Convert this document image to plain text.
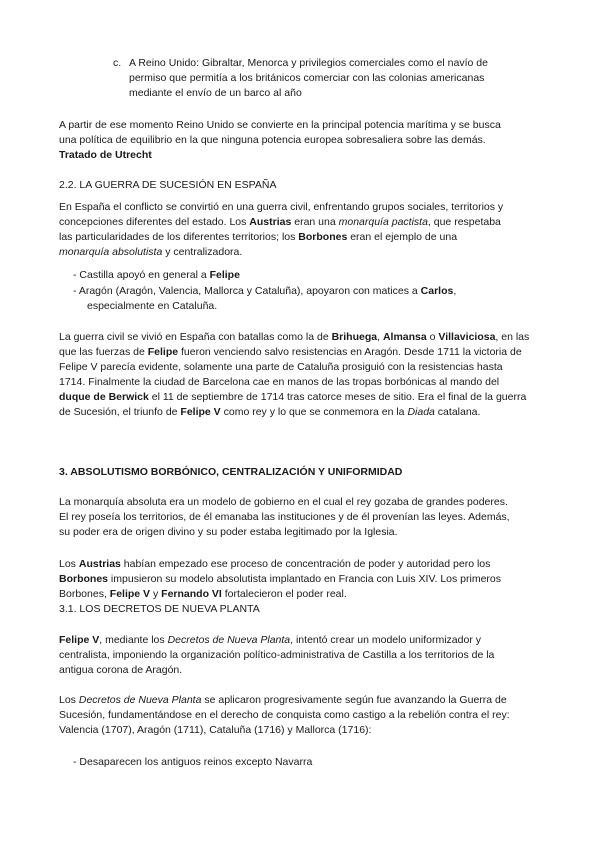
c. A Reino Unido: Gibraltar, Menorca y privilegios comerciales como el navío de
permiso que permitía a los británicos comerciar con las colonias americanas
mediante el envío de un barco al año
A partir de ese momento Reino Unido se convierte en la principal potencia marítima y se busca
una política de equilibrio en la que ninguna potencia europea sobresaliera sobre las demás.
Tratado de Utrecht
2.2. LA GUERRA DE SUCESIÓN EN ESPAÑA
En España el conflicto se convirtió en una guerra civil, enfrentando grupos sociales, territorios y
concepciones diferentes del estado. Los Austrias eran una monarquía pactista, que respetaba
las particularidades de los diferentes territorios; los Borbones eran el ejemplo de una
monarquía absolutista y centralizadora.
- Castilla apoyó en general a Felipe
- Aragón (Aragón, Valencia, Mallorca y Cataluña), apoyaron con matices a Carlos,
especialmente en Cataluña.
La guerra civil se vivió en España con batallas como la de Brihuega, Almansa o Villaviciosa, en las
que las fuerzas de Felipe fueron venciendo salvo resistencias en Aragón. Desde 1711 la victoria de
Felipe V parecía evidente, solamente una parte de Cataluña prosiguió con la resistencias hasta
1714. Finalmente la ciudad de Barcelona cae en manos de las tropas borbónicas al mando del
duque de Berwick el 11 de septiembre de 1714 tras catorce meses de sitio. Era el final de la guerra
de Sucesión, el triunfo de Felipe V como rey y lo que se conmemora en la Diada catalana.
3. ABSOLUTISMO BORBÓNICO, CENTRALIZACIÓN Y UNIFORMIDAD
La monarquía absoluta era un modelo de gobierno en el cual el rey gozaba de grandes poderes.
El rey poseía los territorios, de él emanaba las instituciones y de él provenían las leyes. Además,
su poder era de origen divino y su poder estaba legitimado por la Iglesia.
Los Austrias habían empezado ese proceso de concentración de poder y autoridad pero los
Borbones impusieron su modelo absolutista implantado en Francia con Luis XIV. Los primeros
Borbones, Felipe V y Fernando VI fortalecieron el poder real.
3.1. LOS DECRETOS DE NUEVA PLANTA
Felipe V, mediante los Decretos de Nueva Planta, intentó crear un modelo uniformizador y
centralista, imponiendo la organización político-administrativa de Castilla a los territorios de la
antigua corona de Aragón.
Los Decretos de Nueva Planta se aplicaron progresivamente según fue avanzando la Guerra de
Sucesión, fundamentándose en el derecho de conquista como castigo a la rebelión contra el rey:
Valencia (1707), Aragón (1711), Cataluña (1716) y Mallorca (1716):
- Desaparecen los antiguos reinos excepto Navarra
